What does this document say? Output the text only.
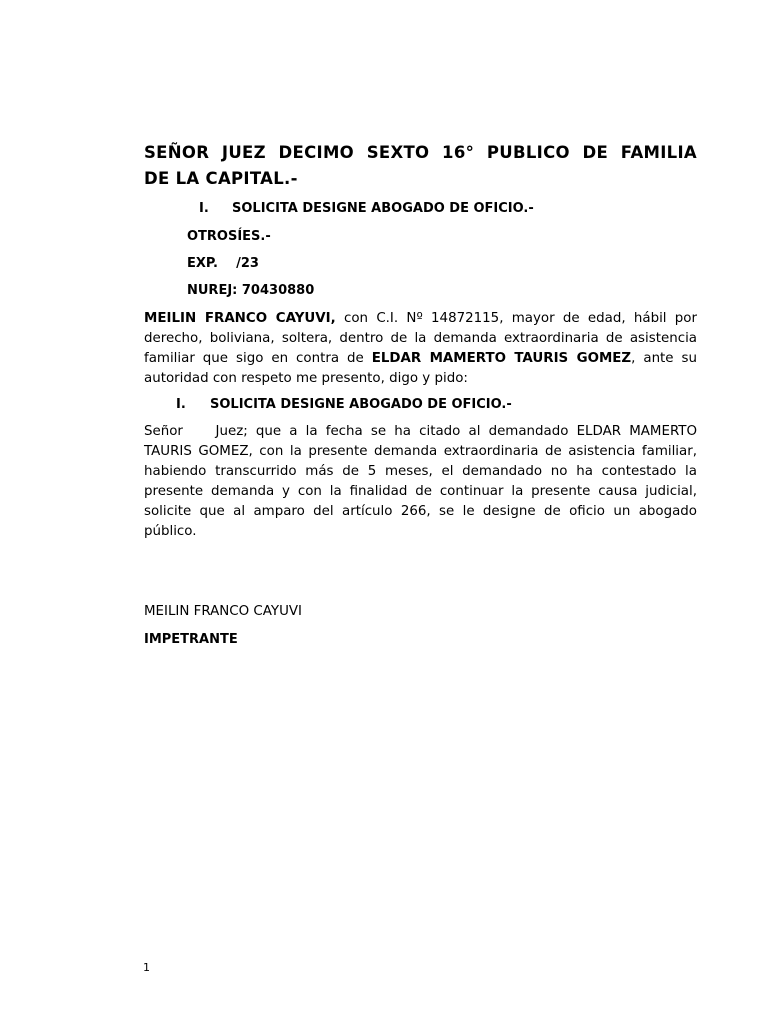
SEÑOR JUEZ DECIMO SEXTO 16° PUBLICO DE FAMILIA
DE LA CAPITAL.-
I. SOLICITA DESIGNE ABOGADO DE OFICIO.-
OTROSÍES.-
EXP.    /23
NUREJ: 70430880
MEILIN FRANCO CAYUVI, con C.I. Nº 14872115, mayor de edad, hábil por
derecho, boliviana, soltera, dentro de la demanda extraordinaria de asistencia
familiar que sigo en contra de ELDAR MAMERTO TAURIS GOMEZ, ante su
autoridad con respeto me presento, digo y pido:
I. SOLICITA DESIGNE ABOGADO DE OFICIO.-
Señor    Juez; que a la fecha se ha citado al demandado ELDAR MAMERTO
TAURIS GOMEZ, con la presente demanda extraordinaria de asistencia familiar,
habiendo transcurrido más de 5 meses, el demandado no ha contestado la
presente demanda y con la finalidad de continuar la presente causa judicial,
solicite que al amparo del artículo 266, se le designe de oficio un abogado
público.
MEILIN FRANCO CAYUVI
IMPETRANTE
1
